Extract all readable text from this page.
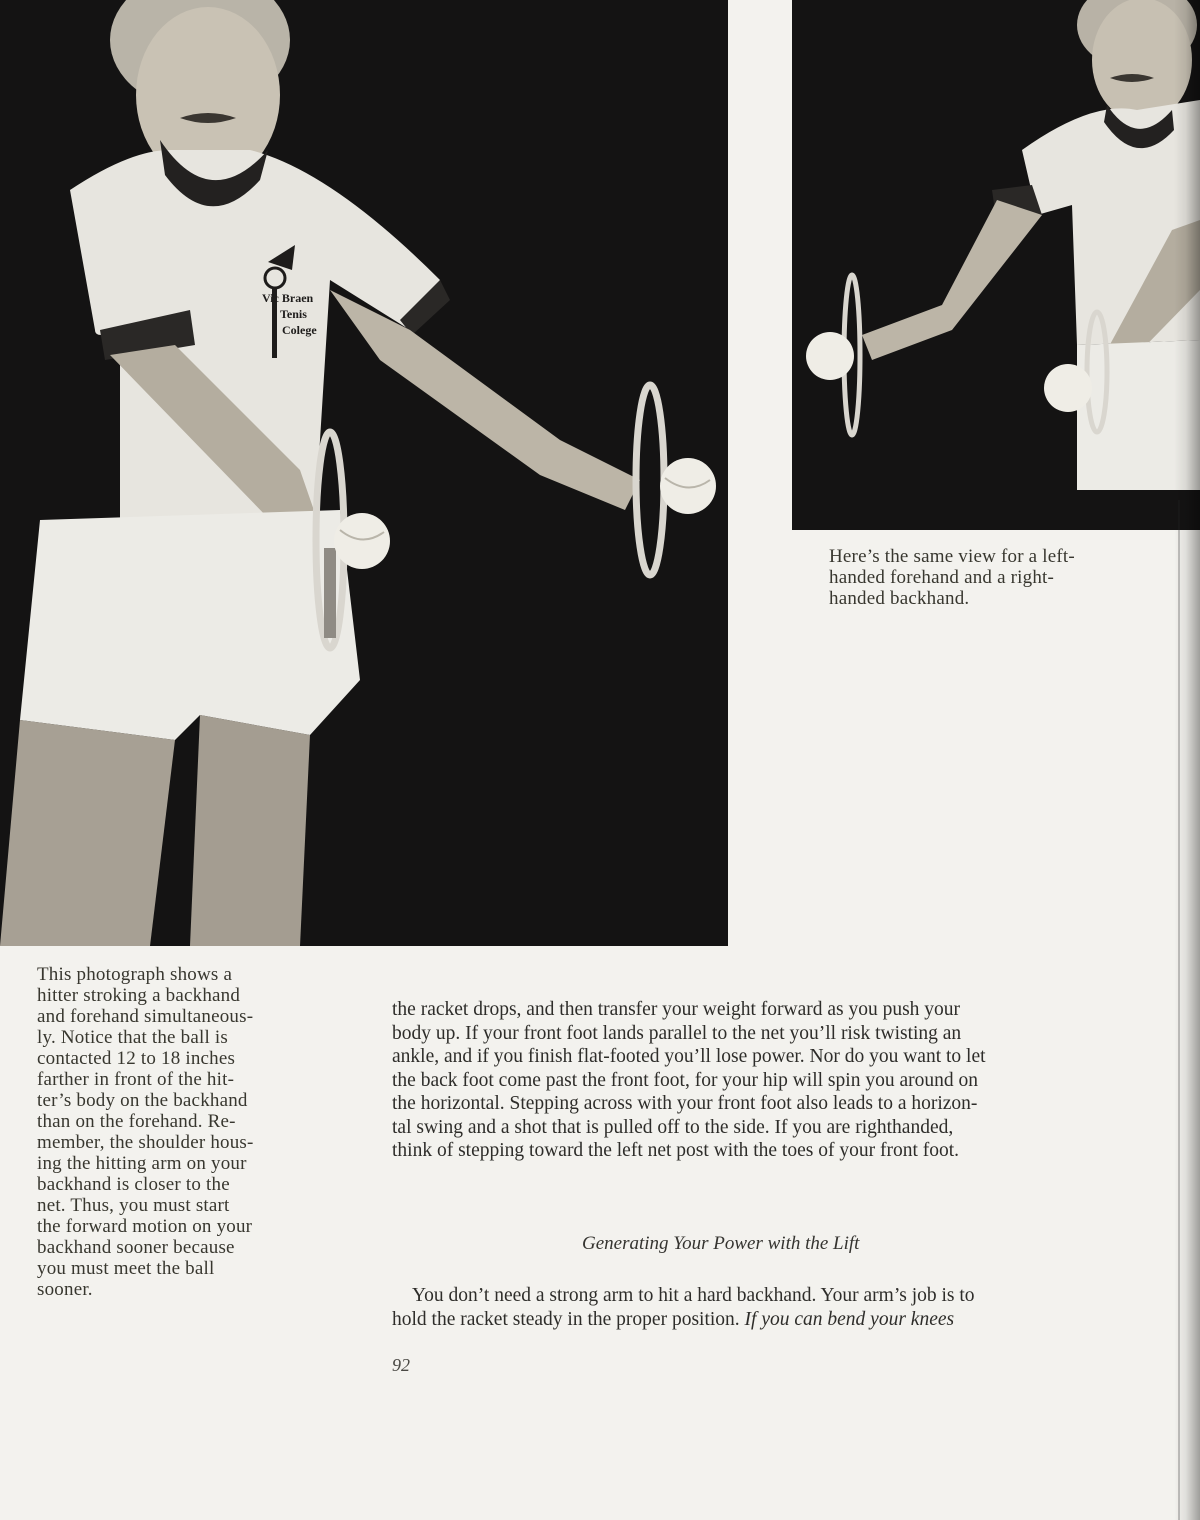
Vic Braen
Tenis
Colege
Here’s the same view for a left-
handed forehand and a right-
handed backhand.
This photograph shows a
hitter stroking a backhand
and forehand simultaneous-
ly. Notice that the ball is
contacted 12 to 18 inches
farther in front of the hit-
ter’s body on the backhand
than on the forehand. Re-
member, the shoulder hous-
ing the hitting arm on your
backhand is closer to the
net. Thus, you must start
the forward motion on your
backhand sooner because
you must meet the ball
sooner.
the racket drops, and then transfer your weight forward as you push your
body up. If your front foot lands parallel to the net you’ll risk twisting an
ankle, and if you finish flat-footed you’ll lose power. Nor do you want to let
the back foot come past the front foot, for your hip will spin you around on
the horizontal. Stepping across with your front foot also leads to a horizon-
tal swing and a shot that is pulled off to the side. If you are righthanded,
think of stepping toward the left net post with the toes of your front foot.
Generating Your Power with the Lift
You don’t need a strong arm to hit a hard backhand. Your arm’s job is to
hold the racket steady in the proper position. If you can bend your knees
92
